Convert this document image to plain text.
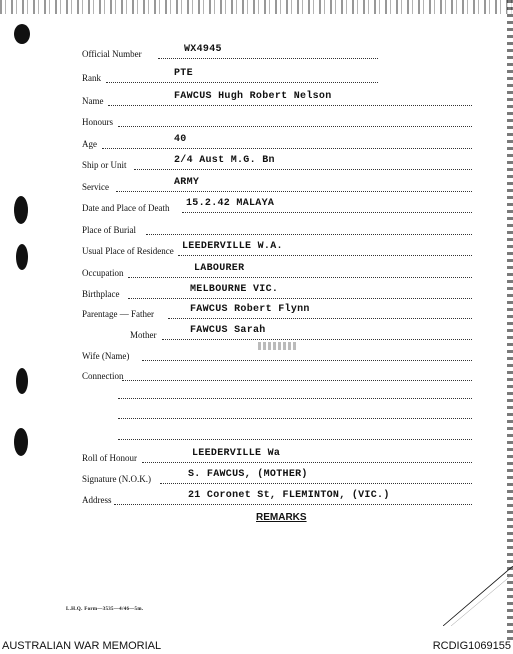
Official Number	WX4945
Rank	PTE
Name	FAWCUS Hugh Robert Nelson
Honours
Age	40
Ship or Unit	2/4 Aust M.G. Bn
Service	ARMY
Date and Place of Death 15.2.42 MALAYA
Place of Burial
Usual Place of Residence LEEDERVILLE W.A.
Occupation	LABOURER
Birthplace	MELBOURNE VIC.
Parentage — Father	FAWCUS Robert Flynn
Mother	FAWCUS Sarah
Wife (Name)
Connection
Roll of Honour	LEEDERVILLE Wa
Signature (N.O.K.)	S. FAWCUS, (MOTHER)
Address	21 Coronet St, FLEMINTON, (VIC.)
REMARKS
L.H.Q. Form—3535—4/46—5m.
AUSTRALIAN WAR MEMORIAL	RCDIG1069155
